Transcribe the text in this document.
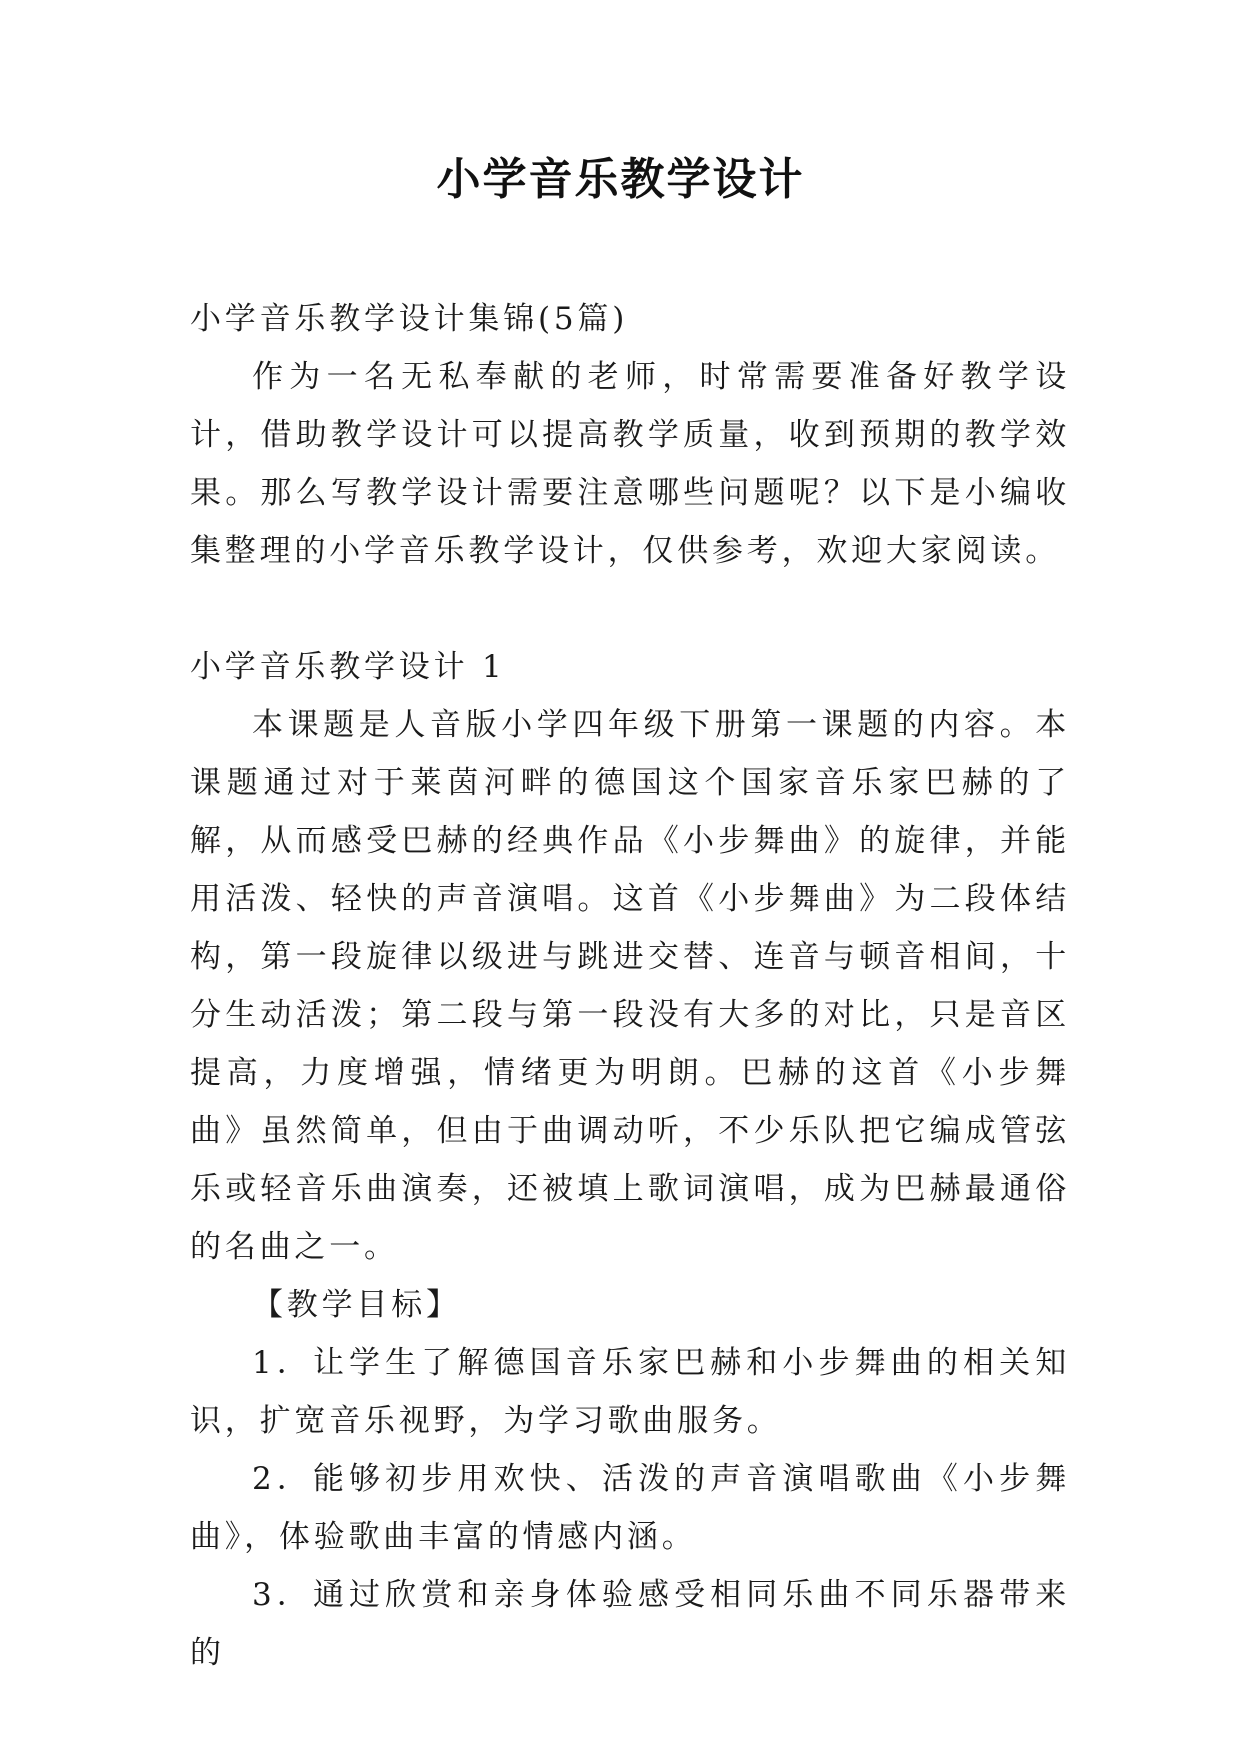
小学音乐教学设计

小学音乐教学设计集锦(5篇)

作为一名无私奉献的老师，时常需要准备好教学设计，借助教学设计可以提高教学质量，收到预期的教学效果。那么写教学设计需要注意哪些问题呢？以下是小编收集整理的小学音乐教学设计，仅供参考，欢迎大家阅读。

小学音乐教学设计 1

本课题是人音版小学四年级下册第一课题的内容。本课题通过对于莱茵河畔的德国这个国家音乐家巴赫的了解，从而感受巴赫的经典作品《小步舞曲》的旋律，并能用活泼、轻快的声音演唱。这首《小步舞曲》为二段体结构，第一段旋律以级进与跳进交替、连音与顿音相间，十分生动活泼；第二段与第一段没有大多的对比，只是音区提高，力度增强，情绪更为明朗。巴赫的这首《小步舞曲》虽然简单，但由于曲调动听，不少乐队把它编成管弦乐或轻音乐曲演奏，还被填上歌词演唱，成为巴赫最通俗的名曲之一。

【教学目标】

1．让学生了解德国音乐家巴赫和小步舞曲的相关知识，扩宽音乐视野，为学习歌曲服务。

2．能够初步用欢快、活泼的声音演唱歌曲《小步舞曲》，体验歌曲丰富的情感内涵。

3．通过欣赏和亲身体验感受相同乐曲不同乐器带来的
